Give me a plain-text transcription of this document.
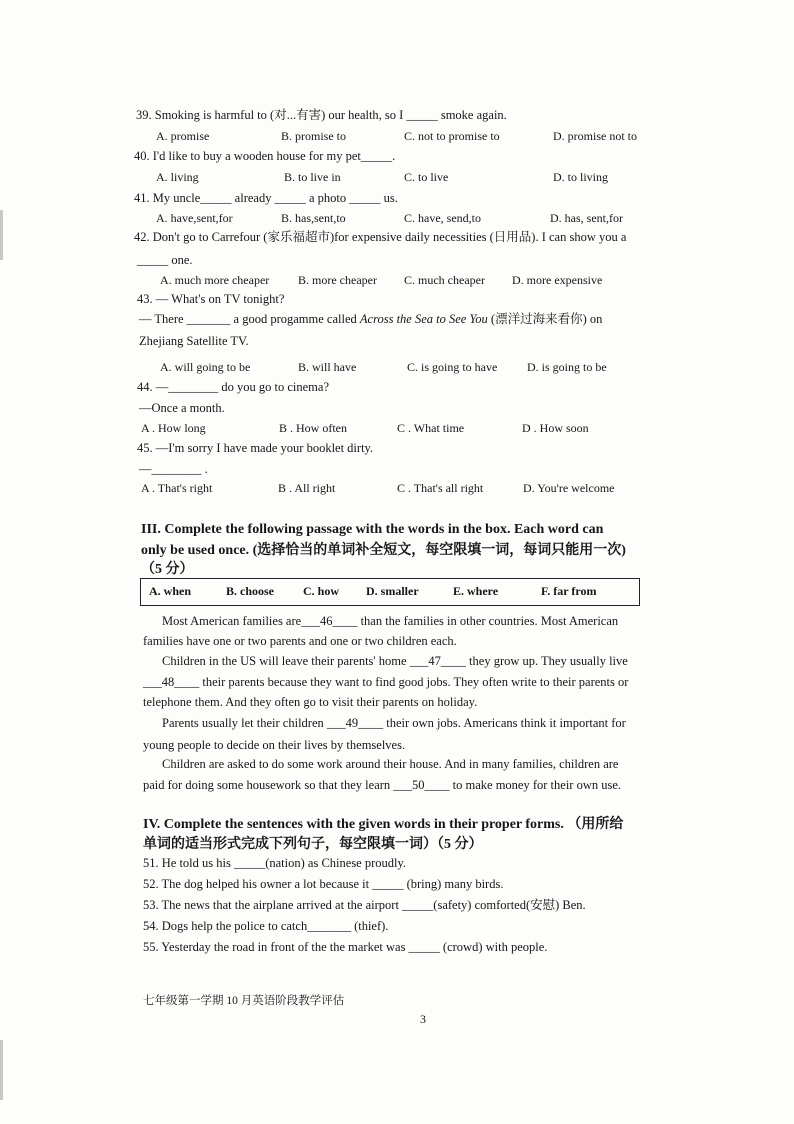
39. Smoking is harmful to (对...有害) our health, so I _____ smoke again.
A. promise	B. promise to	C. not to promise to	D. promise not to
40. I'd like to buy a wooden house for my pet_____.
A. living	B. to live in	C. to live	D. to living
41. My uncle_____ already _____ a photo _____ us.
A. have,sent,for	B. has,sent,to	C. have, send,to	D. has, sent,for
42. Don't go to Carrefour (家乐福超市)for expensive daily necessities (日用品). I can show you a
_____ one.
A. much more cheaper B. more cheaper C. much cheaper D. more expensive
43. — What's on TV tonight?
— There _______ a good progamme called Across the Sea to See You (漂洋过海来看你) on
Zhejiang Satellite TV.
A. will going to be	B. will have	C. is going to have D. is going to be
44. —________ do you go to cinema?
—Once a month.
A . How long	B . How often	C . What time	D . How soon
45. —I'm sorry I have made your booklet dirty.
—________ .
A . That's right	B . All right	C . That's all right	D. You're welcome
III. Complete the following passage with the words in the box. Each word can
only be used once. (选择恰当的单词补全短文，每空限填一词，每词只能用一次)
（5 分）
A. when	B. choose C. how D. smaller	E. where	F. far from
Most American families are___46____ than the families in other countries. Most American
families have one or two parents and one or two children each.
Children in the US will leave their parents' home ___47____ they grow up. They usually live
___48____ their parents because they want to find good jobs. They often write to their parents or
telephone them. And they often go to visit their parents on holiday.
Parents usually let their children ___49____ their own jobs. Americans think it important for
young people to decide on their lives by themselves.
Children are asked to do some work around their house. And in many families, children are
paid for doing some housework so that they learn ___50____ to make money for their own use.
IV. Complete the sentences with the given words in their proper forms. （用所给
单词的适当形式完成下列句子，每空限填一词）（5 分）
51. He told us his _____(nation) as Chinese proudly.
52. The dog helped his owner a lot because it _____ (bring) many birds.
53. The news that the airplane arrived at the airport _____(safety) comforted(安慰) Ben.
54. Dogs help the police to catch_______ (thief).
55. Yesterday the road in front of the the market was _____ (crowd) with people.
七年级第一学期 10 月英语阶段教学评估
3
